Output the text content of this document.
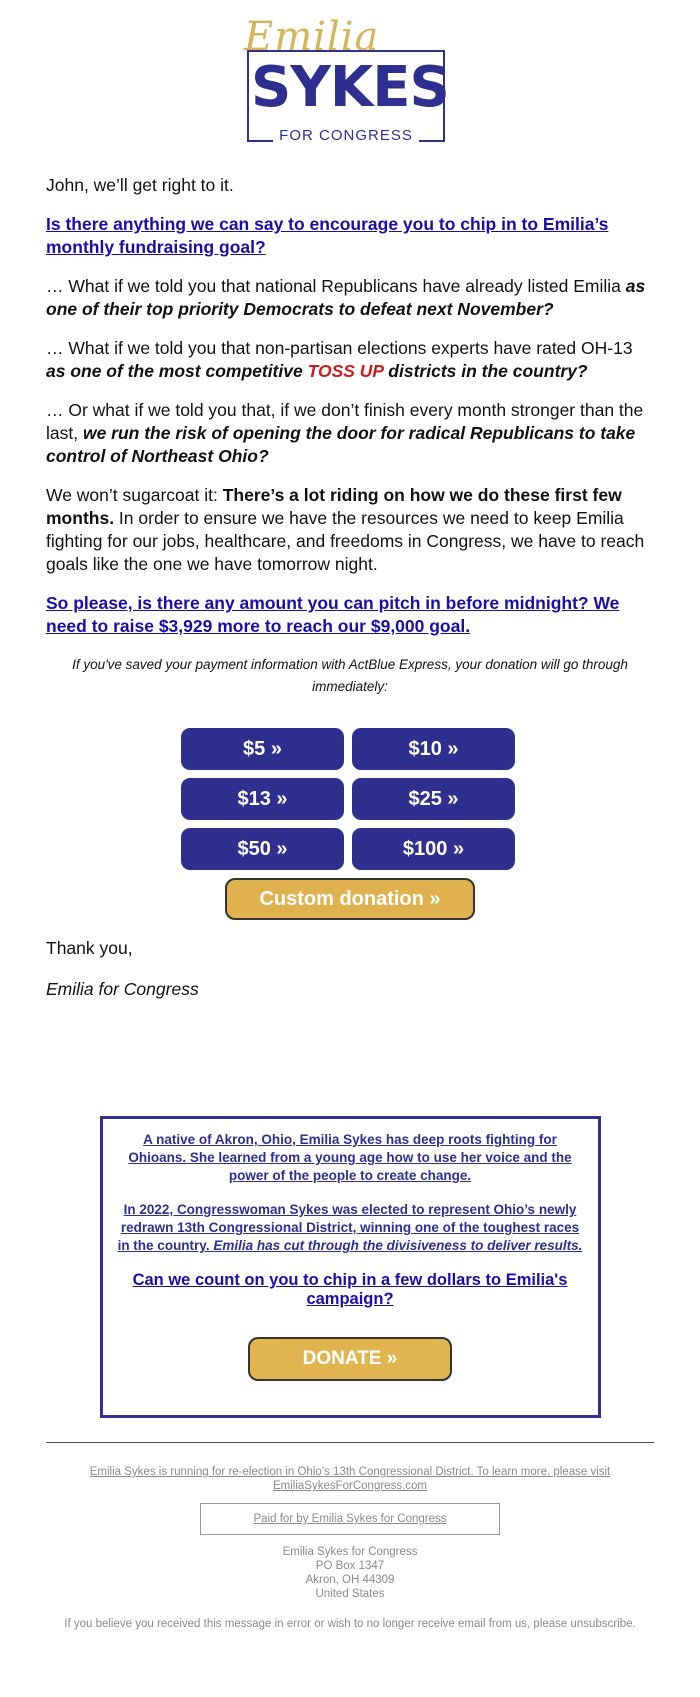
Emilia
SYKES
FOR CONGRESS

John, we’ll get right to it.

Is there anything we can say to encourage you to chip in to Emilia’s monthly fundraising goal?

… What if we told you that national Republicans have already listed Emilia as one of their top priority Democrats to defeat next November?

… What if we told you that non-partisan elections experts have rated OH-13 as one of the most competitive TOSS UP districts in the country?

… Or what if we told you that, if we don’t finish every month stronger than the last, we run the risk of opening the door for radical Republicans to take control of Northeast Ohio?

We won’t sugarcoat it: There’s a lot riding on how we do these first few months. In order to ensure we have the resources we need to keep Emilia fighting for our jobs, healthcare, and freedoms in Congress, we have to reach goals like the one we have tomorrow night.

So please, is there any amount you can pitch in before midnight? We need to raise $3,929 more to reach our $9,000 goal.

If you've saved your payment information with ActBlue Express, your donation will go through immediately:
$5 »	$10 »
$13 »	$25 »
$50 »	$100 »
Custom donation »

Thank you,

Emilia for Congress

A native of Akron, Ohio, Emilia Sykes has deep roots fighting for Ohioans. She learned from a young age how to use her voice and the power of the people to create change.

In 2022, Congresswoman Sykes was elected to represent Ohio’s newly redrawn 13th Congressional District, winning one of the toughest races in the country. Emilia has cut through the divisiveness to deliver results.

Can we count on you to chip in a few dollars to Emilia's campaign?

DONATE »
Emilia Sykes is running for re-election in Ohio’s 13th Congressional District. To learn more, please visit EmiliaSykesForCongress.com
Paid for by Emilia Sykes for Congress
Emilia Sykes for Congress
PO Box 1347
Akron, OH 44309
United States
If you believe you received this message in error or wish to no longer receive email from us, please unsubscribe.
